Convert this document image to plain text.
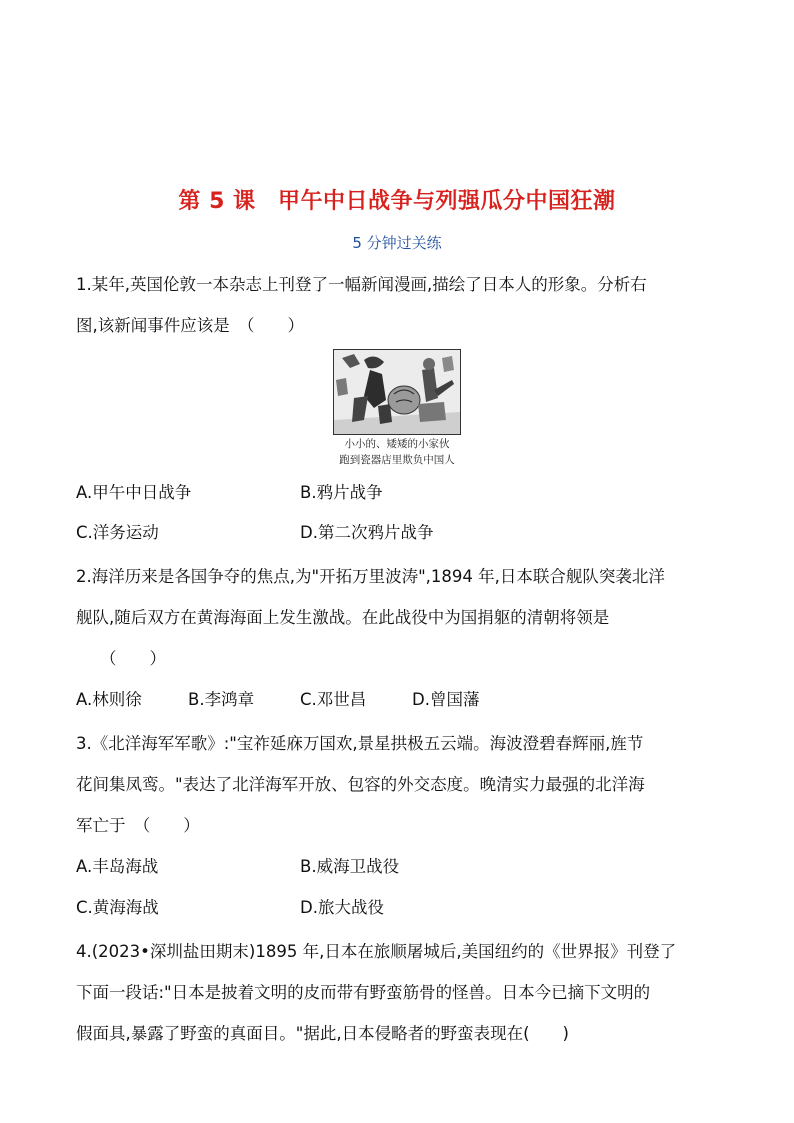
第 5 课　甲午中日战争与列强瓜分中国狂潮
5 分钟过关练
1.某年,英国伦敦一本杂志上刊登了一幅新闻漫画,描绘了日本人的形象。分析右
图,该新闻事件应该是　（　　）
小小的、矮矮的小家伙
跑到瓷器店里欺负中国人
A.甲午中日战争	B.鸦片战争
C.洋务运动	D.第二次鸦片战争
2.海洋历来是各国争夺的焦点,为"开拓万里波涛",1894 年,日本联合舰队突袭北洋
舰队,随后双方在黄海海面上发生激战。在此战役中为国捐躯的清朝将领是
（　　）
A.林则徐	B.李鸿章	C.邓世昌	D.曾国藩
3.《北洋海军军歌》:"宝祚延庥万国欢,景星拱极五云端。海波澄碧春辉丽,旌节
花间集凤鸾。"表达了北洋海军开放、包容的外交态度。晚清实力最强的北洋海
军亡于　（　　）
A.丰岛海战	B.威海卫战役
C.黄海海战	D.旅大战役
4.(2023•深圳盐田期末)1895 年,日本在旅顺屠城后,美国纽约的《世界报》刊登了
下面一段话:"日本是披着文明的皮而带有野蛮筋骨的怪兽。日本今已摘下文明的
假面具,暴露了野蛮的真面目。"据此,日本侵略者的野蛮表现在(　　)
